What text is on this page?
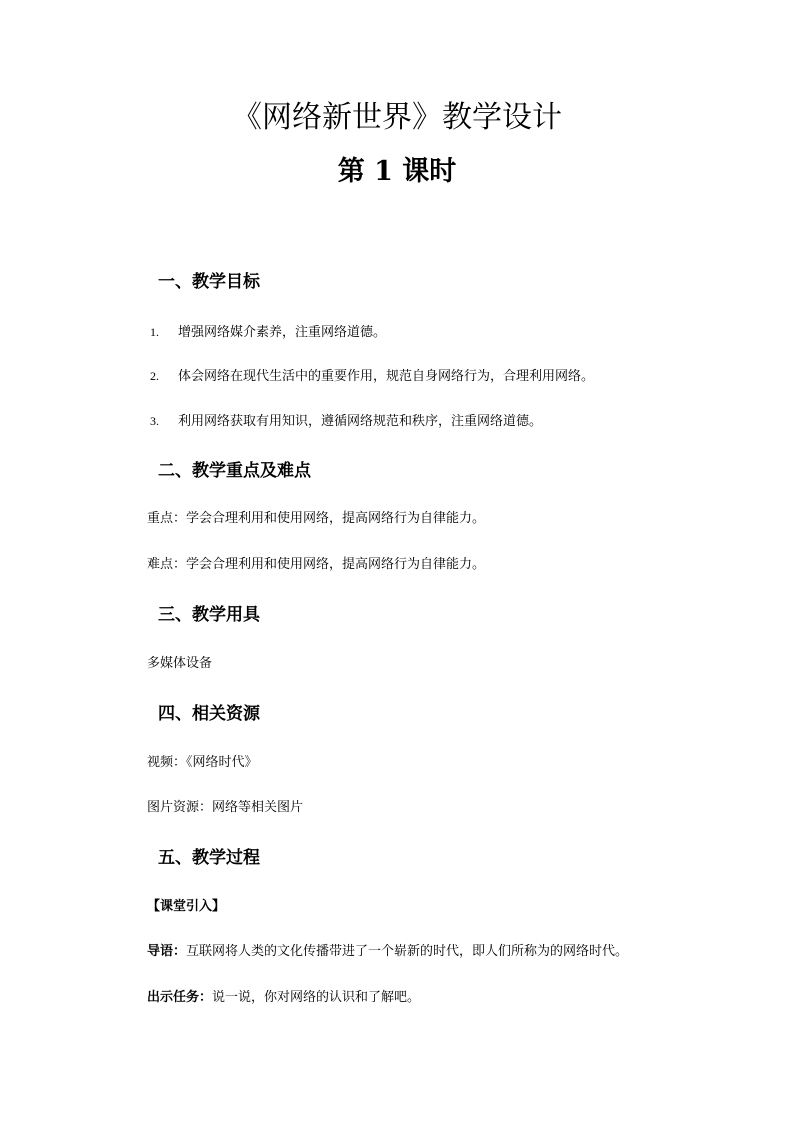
《网络新世界》教学设计
第 1 课时
一、教学目标

1. 增强网络媒介素养，注重网络道德。

2. 体会网络在现代生活中的重要作用，规范自身网络行为，合理利用网络。

3. 利用网络获取有用知识，遵循网络规范和秩序，注重网络道德。

二、教学重点及难点

重点：学会合理利用和使用网络，提高网络行为自律能力。

难点：学会合理利用和使用网络，提高网络行为自律能力。

三、教学用具

多媒体设备

四、相关资源

视频：《网络时代》

图片资源：网络等相关图片

五、教学过程

【课堂引入】

导语：互联网将人类的文化传播带进了一个崭新的时代，即人们所称为的网络时代。

出示任务：说一说，你对网络的认识和了解吧。
